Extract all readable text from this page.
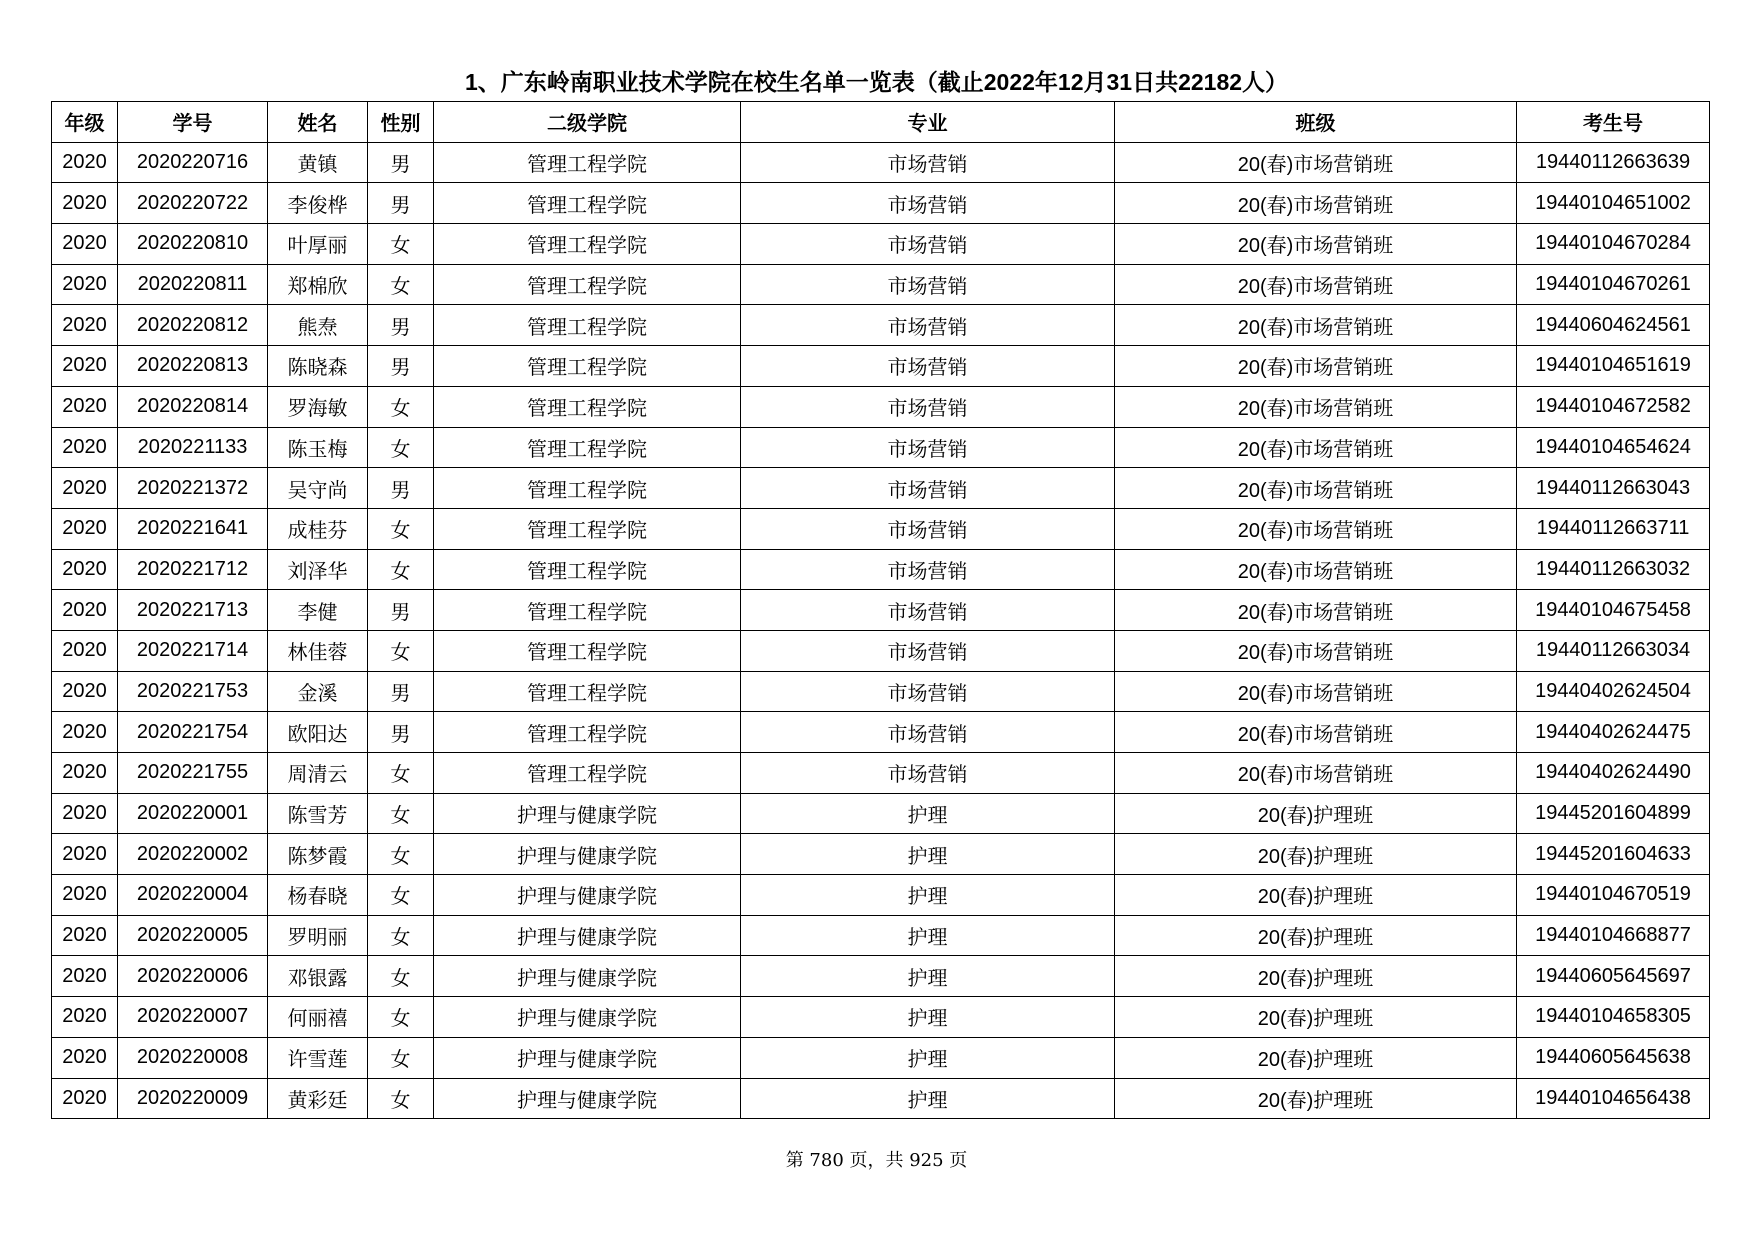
1、广东岭南职业技术学院在校生名单一览表（截止2022年12月31日共22182人）
年级	学号	姓名	性别	二级学院	专业	班级	考生号
2020	2020220716	黄镇	男	管理工程学院	市场营销	20(春)市场营销班	19440112663639
2020	2020220722	李俊桦	男	管理工程学院	市场营销	20(春)市场营销班	19440104651002
2020	2020220810	叶厚丽	女	管理工程学院	市场营销	20(春)市场营销班	19440104670284
2020	2020220811	郑棉欣	女	管理工程学院	市场营销	20(春)市场营销班	19440104670261
2020	2020220812	熊焘	男	管理工程学院	市场营销	20(春)市场营销班	19440604624561
2020	2020220813	陈晓森	男	管理工程学院	市场营销	20(春)市场营销班	19440104651619
2020	2020220814	罗海敏	女	管理工程学院	市场营销	20(春)市场营销班	19440104672582
2020	2020221133	陈玉梅	女	管理工程学院	市场营销	20(春)市场营销班	19440104654624
2020	2020221372	吴守尚	男	管理工程学院	市场营销	20(春)市场营销班	19440112663043
2020	2020221641	成桂芬	女	管理工程学院	市场营销	20(春)市场营销班	19440112663711
2020	2020221712	刘泽华	女	管理工程学院	市场营销	20(春)市场营销班	19440112663032
2020	2020221713	李健	男	管理工程学院	市场营销	20(春)市场营销班	19440104675458
2020	2020221714	林佳蓉	女	管理工程学院	市场营销	20(春)市场营销班	19440112663034
2020	2020221753	金溪	男	管理工程学院	市场营销	20(春)市场营销班	19440402624504
2020	2020221754	欧阳达	男	管理工程学院	市场营销	20(春)市场营销班	19440402624475
2020	2020221755	周清云	女	管理工程学院	市场营销	20(春)市场营销班	19440402624490
2020	2020220001	陈雪芳	女	护理与健康学院	护理	20(春)护理班	19445201604899
2020	2020220002	陈梦霞	女	护理与健康学院	护理	20(春)护理班	19445201604633
2020	2020220004	杨春晓	女	护理与健康学院	护理	20(春)护理班	19440104670519
2020	2020220005	罗明丽	女	护理与健康学院	护理	20(春)护理班	19440104668877
2020	2020220006	邓银露	女	护理与健康学院	护理	20(春)护理班	19440605645697
2020	2020220007	何丽禧	女	护理与健康学院	护理	20(春)护理班	19440104658305
2020	2020220008	许雪莲	女	护理与健康学院	护理	20(春)护理班	19440605645638
2020	2020220009	黄彩廷	女	护理与健康学院	护理	20(春)护理班	19440104656438
第 780 页，共 925 页
